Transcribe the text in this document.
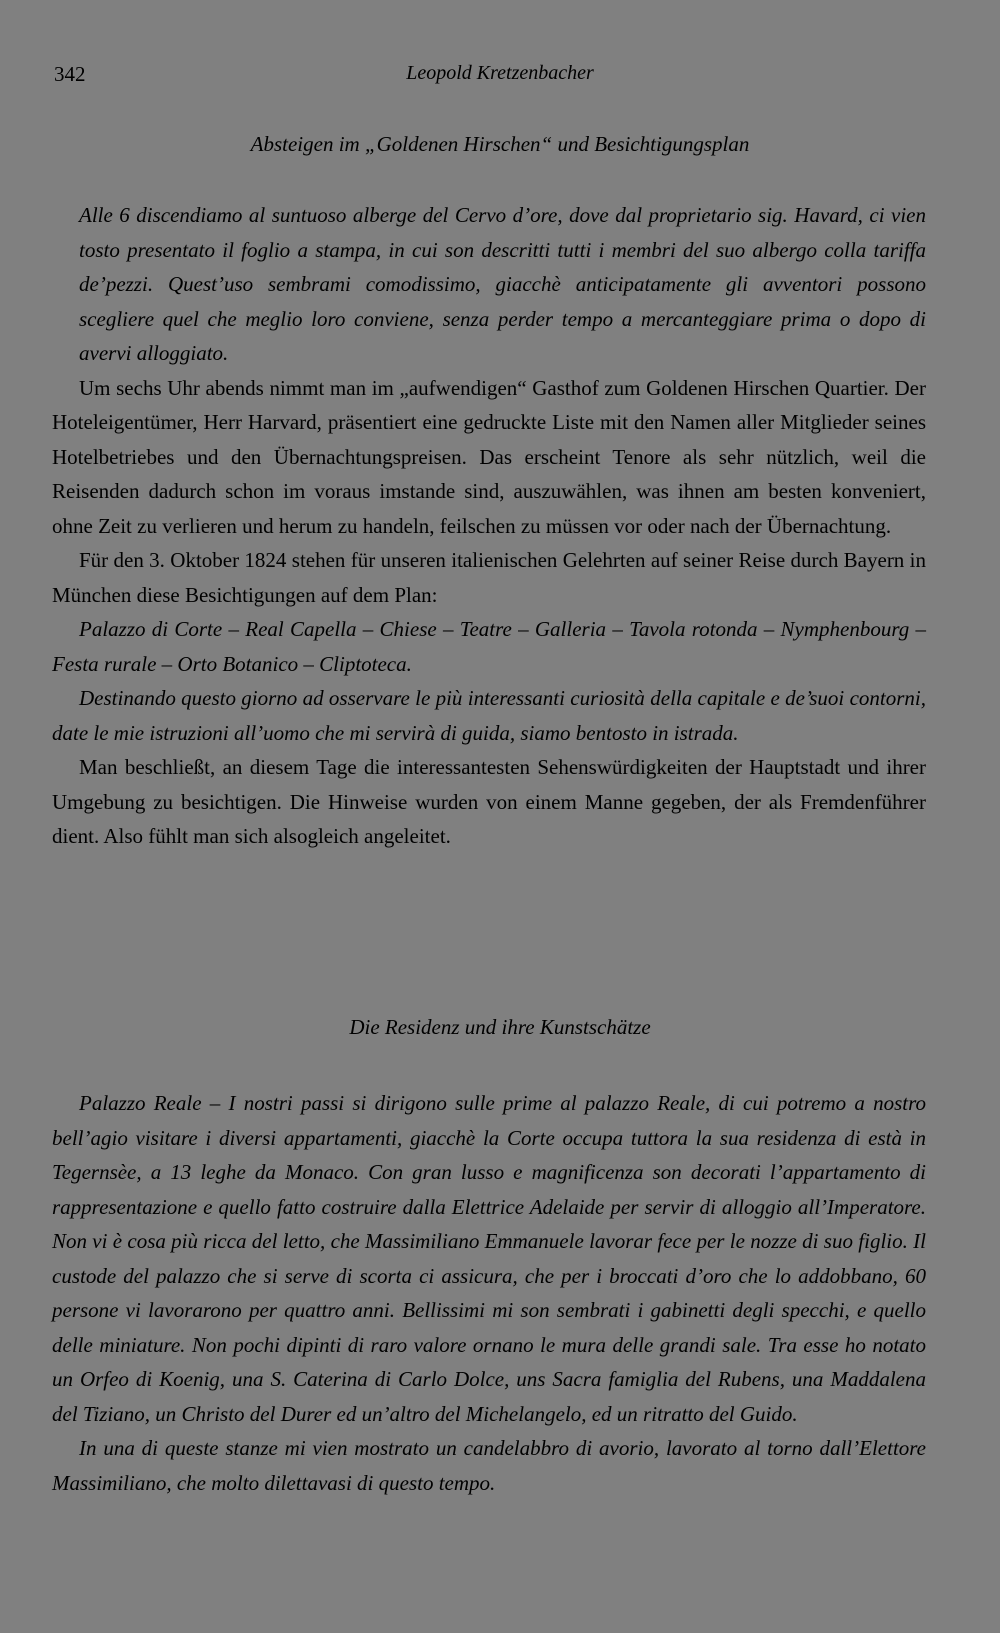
342	Leopold Kretzenbacher
Absteigen im „Goldenen Hirschen“ und Besichtigungsplan

Alle 6 discendiamo al suntuoso alberge del Cervo d’ore, dove dal proprietario sig. Havard, ci vien tosto presentato il foglio a stampa, in cui son descritti tutti i membri del suo albergo colla tariffa de’pezzi. Quest’uso sembrami comodissimo, giacchè anticipatamente gli avventori possono scegliere quel che meglio loro conviene, senza perder tempo a mercanteggiare prima o dopo di avervi alloggiato.

Um sechs Uhr abends nimmt man im „aufwendigen“ Gasthof zum Goldenen Hirschen Quartier. Der Hoteleigentümer, Herr Harvard, präsentiert eine gedruckte Liste mit den Namen aller Mitglieder seines Hotelbetriebes und den Übernachtungspreisen. Das erscheint Tenore als sehr nützlich, weil die Reisenden dadurch schon im voraus imstande sind, auszuwählen, was ihnen am besten konveniert, ohne Zeit zu verlieren und herum zu handeln, feilschen zu müssen vor oder nach der Übernachtung.

Für den 3. Oktober 1824 stehen für unseren italienischen Gelehrten auf seiner Reise durch Bayern in München diese Besichtigungen auf dem Plan:

Palazzo di Corte – Real Capella – Chiese – Teatre – Galleria – Tavola rotonda – Nymphenbourg – Festa rurale – Orto Botanico – Cliptoteca.

Destinando questo giorno ad osservare le più interessanti curiosità della capitale e de’suoi contorni, date le mie istruzioni all’uomo che mi servirà di guida, siamo bentosto in istrada.

Man beschließt, an diesem Tage die interessantesten Sehenswürdigkeiten der Hauptstadt und ihrer Umgebung zu besichtigen. Die Hinweise wurden von einem Manne gegeben, der als Fremdenführer dient. Also fühlt man sich alsogleich angeleitet.

Die Residenz und ihre Kunstschätze

Palazzo Reale – I nostri passi si dirigono sulle prime al palazzo Reale, di cui potremo a nostro bell’agio visitare i diversi appartamenti, giacchè la Corte occupa tuttora la sua residenza di està in Tegernsèe, a 13 leghe da Monaco. Con gran lusso e magnificenza son decorati l’appartamento di rappresentazione e quello fatto costruire dalla Elettrice Adelaide per servir di alloggio all’Imperatore. Non vi è cosa più ricca del letto, che Massimiliano Emmanuele lavorar fece per le nozze di suo figlio. Il custode del palazzo che si serve di scorta ci assicura, che per i broccati d’oro che lo addobbano, 60 persone vi lavorarono per quattro anni. Bellissimi mi son sembrati i gabinetti degli specchi, e quello delle miniature. Non pochi dipinti di raro valore ornano le mura delle grandi sale. Tra esse ho notato un Orfeo di Koenig, una S. Caterina di Carlo Dolce, uns Sacra famiglia del Rubens, una Maddalena del Tiziano, un Christo del Durer ed un’altro del Michelangelo, ed un ritratto del Guido.

In una di queste stanze mi vien mostrato un candelabbro di avorio, lavorato al torno dall’Elettore Massimiliano, che molto dilettavasi di questo tempo.
